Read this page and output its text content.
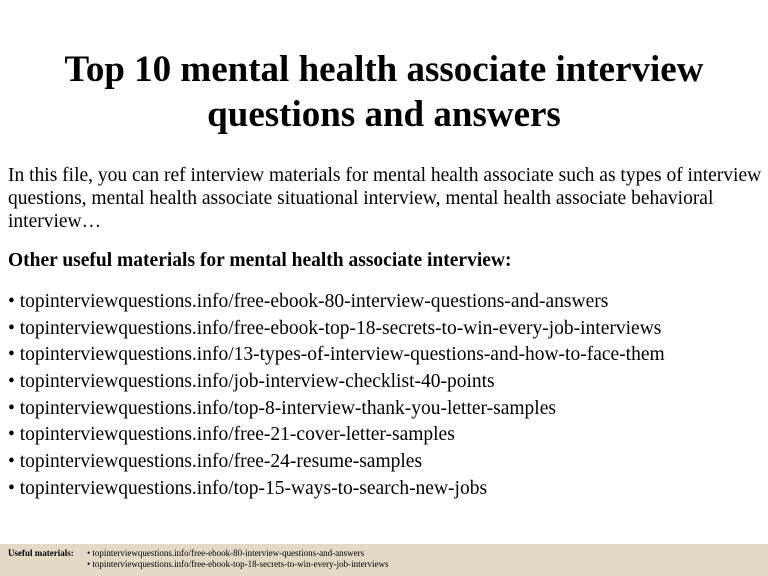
Top 10 mental health associate interview
questions and answers

In this file, you can ref interview materials for mental health associate such as types of interview questions, mental health associate situational interview, mental health associate behavioral interview…

Other useful materials for mental health associate interview:

• topinterviewquestions.info/free-ebook-80-interview-questions-and-answers
• topinterviewquestions.info/free-ebook-top-18-secrets-to-win-every-job-interviews
• topinterviewquestions.info/13-types-of-interview-questions-and-how-to-face-them
• topinterviewquestions.info/job-interview-checklist-40-points
• topinterviewquestions.info/top-8-interview-thank-you-letter-samples
• topinterviewquestions.info/free-21-cover-letter-samples
• topinterviewquestions.info/free-24-resume-samples
• topinterviewquestions.info/top-15-ways-to-search-new-jobs
Useful materials: • topinterviewquestions.info/free-ebook-80-interview-questions-and-answers
• topinterviewquestions.info/free-ebook-top-18-secrets-to-win-every-job-interviews
